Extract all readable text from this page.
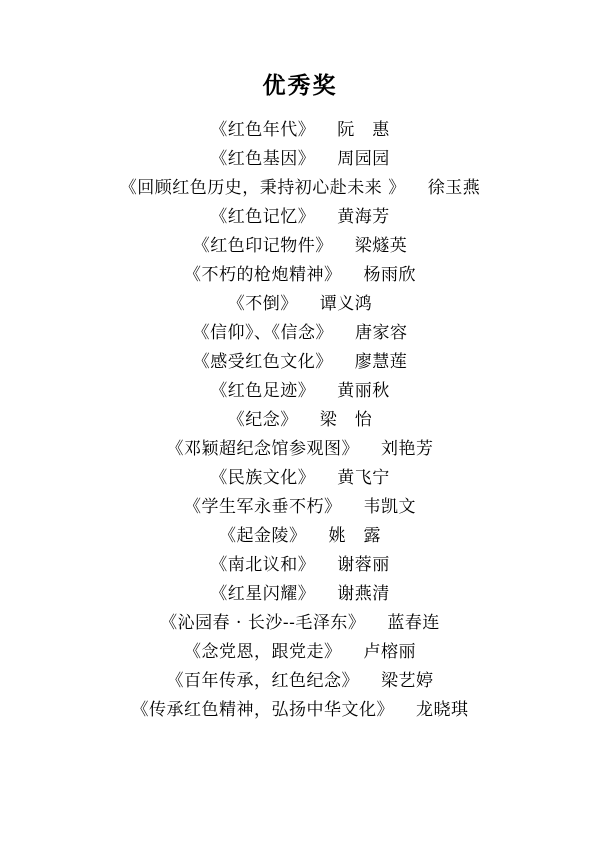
优秀奖
《红色年代》 阮　惠
《红色基因》 周园园
《回顾红色历史，秉持初心赴未来 》 徐玉燕
《红色记忆》 黄海芳
《红色印记物件》 梁燧英
《不朽的枪炮精神》 杨雨欣
《不倒》 谭义鸿
《信仰》、《信念》 唐家容
《感受红色文化》 廖慧莲
《红色足迹》 黄丽秋
《纪念》 梁　怡
《邓颖超纪念馆参观图》 刘艳芳
《民族文化》 黄飞宁
《学生军永垂不朽》 韦凯文
《起金陵》 姚　露
《南北议和》 谢蓉丽
《红星闪耀》 谢燕清
《沁园春 · 长沙--毛泽东》 蓝春连
《念党恩，跟党走》 卢榕丽
《百年传承，红色纪念》 梁艺婷
《传承红色精神，弘扬中华文化》 龙晓琪
